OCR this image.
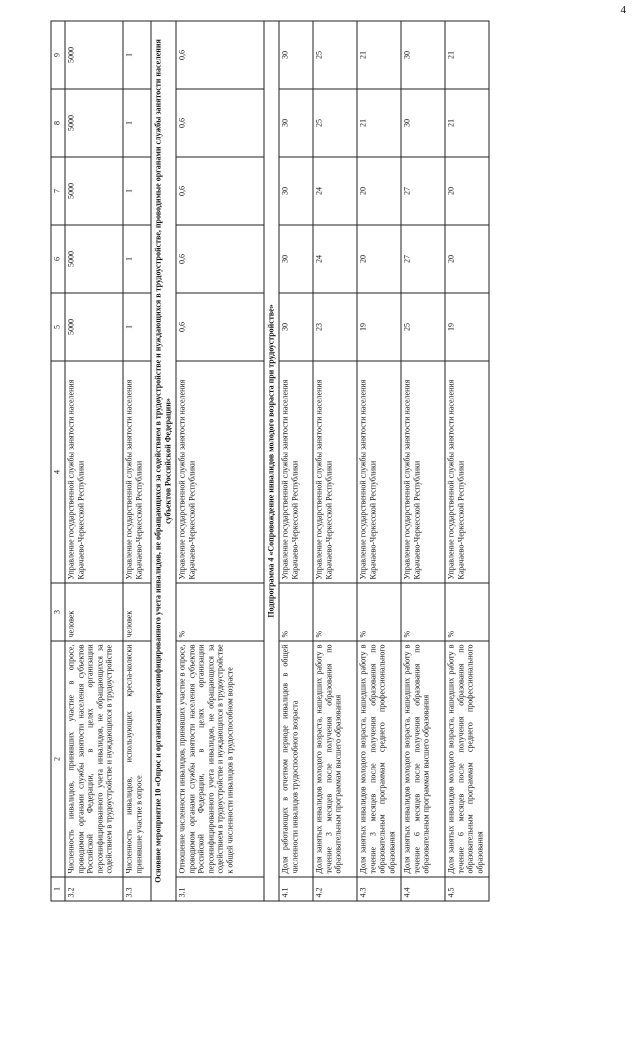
4
1	2	3	4	5	6	7	8	9
3.2	Численность инвалидов, принявших участие в опросе, проводимом органами службы занятости населения субъектов Российской Федерации, в целях организации персонифицированного учета инвалидов, не обращающихся за содействием в трудоустройстве и нуждающихся в трудоустройстве	человек	Управление государственной службы занятости населения Карачаево-Черкесской Республики	5000	5000	5000	5000	5000
3.3	Численность инвалидов, использующих кресла-коляски принявшие участие в опросе	человек	Управление государственной службы занятости населения Карачаево-Черкесской Республики	1	1	1	1	1
Основное мероприятие 10 «Опрос и организация персонифицированного учета инвалидов, не обращающихся за содействием в трудоустройстве и нуждающихся в трудоустройстве, проводимые органами службы занятости населения субъектов Российской Федерации»								
3.1	Отношение численности инвалидов, принявших участие в опросе, проводимом органами службы занятости населения субъектов Российской Федерации, в целях организации персонифицированного учета инвалидов, не обращающихся за содействием в трудоустройстве и нуждающихся в трудоустройстве к общей численности инвалидов в трудоспособном возрасте	%	Управление государственной службы занятости населения Карачаево-Черкесской Республики	0,6	0,6	0,6	0,6	0,6
Подпрограмма 4 «Сопровождение инвалидов молодого возраста при трудоустройстве»								
4.1	Доля работающих в отчетном периоде инвалидов в общей численности инвалидов трудоспособного возраста	%	Управление государственной службы занятости населения Карачаево-Черкесской Республики	30	30	30	30	30
4.2	Доля занятых инвалидов молодого возраста, нашедших работу в течение 3 месяцев после получения образования по образовательным программам высшего образования	%	Управление государственной службы занятости населения Карачаево-Черкесской Республики	23	24	24	25	25
4.3	Доля занятых инвалидов молодого возраста, нашедших работу в течение 3 месяцев после получения образования по образовательным программам среднего профессионального образования	%	Управление государственной службы занятости населения Карачаево-Черкесской Республики	19	20	20	21	21
4.4	Доля занятых инвалидов молодого возраста, нашедших работу в течение 6 месяцев после получения образования по образовательным программам высшего образования	%	Управление государственной службы занятости населения Карачаево-Черкесской Республики	25	27	27	30	30
4.5	Доля занятых инвалидов молодого возраста, нашедших работу в течение 6 месяцев после получения образования по образовательным программам среднего профессионального образования	%	Управление государственной службы занятости населения Карачаево-Черкесской Республики	19	20	20	21	21
